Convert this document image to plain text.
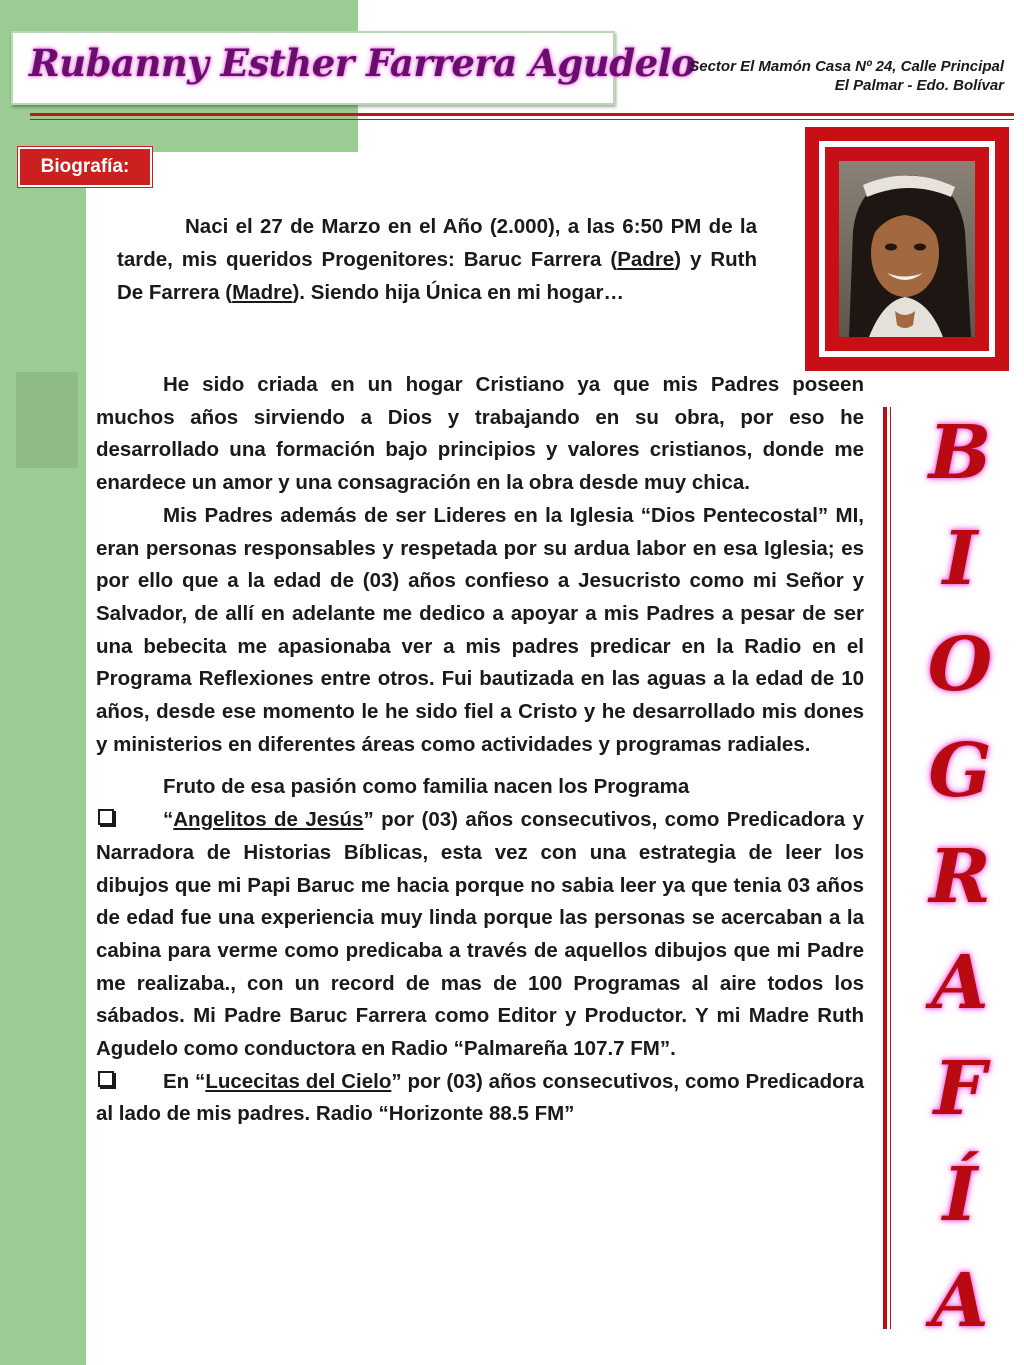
Rubanny Esther Farrera Agudelo
Sector El Mamón Casa Nº 24, Calle Principal
El Palmar - Edo. Bolívar
Biografía:
Naci el 27 de Marzo en el Año (2.000), a las 6:50 PM de la tarde, mis queridos Progenitores: Baruc Farrera (Padre) y Ruth De Farrera (Madre). Siendo hija Única en mi hogar…

He sido criada en un hogar Cristiano ya que mis Padres poseen muchos años sirviendo a Dios y trabajando en su obra, por eso he desarrollado una formación bajo principios y valores cristianos, donde me enardece un amor y una consagración en la obra desde muy chica.

Mis Padres además de ser Lideres en la Iglesia “Dios Pentecostal” MI, eran personas responsables y respetada por su ardua labor en esa Iglesia; es por ello que a la edad de (03) años confieso a Jesucristo como mi Señor y Salvador, de allí en adelante me dedico a apoyar a mis Padres a pesar de ser una bebecita me apasionaba ver a mis padres predicar en la Radio en el Programa Reflexiones entre otros. Fui bautizada en las aguas a la edad de 10 años, desde ese momento le he sido fiel a Cristo y he desarrollado mis dones y ministerios en diferentes áreas como actividades y programas radiales.

Fruto de esa pasión como familia nacen los Programa

“Angelitos de Jesús” por (03) años consecutivos, como Predicadora y Narradora de Historias Bíblicas, esta vez con una estrategia de leer los dibujos que mi Papi Baruc me hacia porque no sabia leer ya que tenia 03 años de edad fue una experiencia muy linda porque las personas se acercaban a la cabina para verme como predicaba a través de aquellos dibujos que mi Padre me realizaba., con un record de mas de 100 Programas al aire todos los sábados. Mi Padre Baruc Farrera como Editor y Productor. Y mi Madre Ruth Agudelo como conductora en Radio “Palmareña 107.7 FM”.

En “Lucecitas del Cielo” por (03) años consecutivos, como Predicadora al lado de mis padres. Radio “Horizonte 88.5 FM”

B
I
O
G
R
A
F
Í
A
